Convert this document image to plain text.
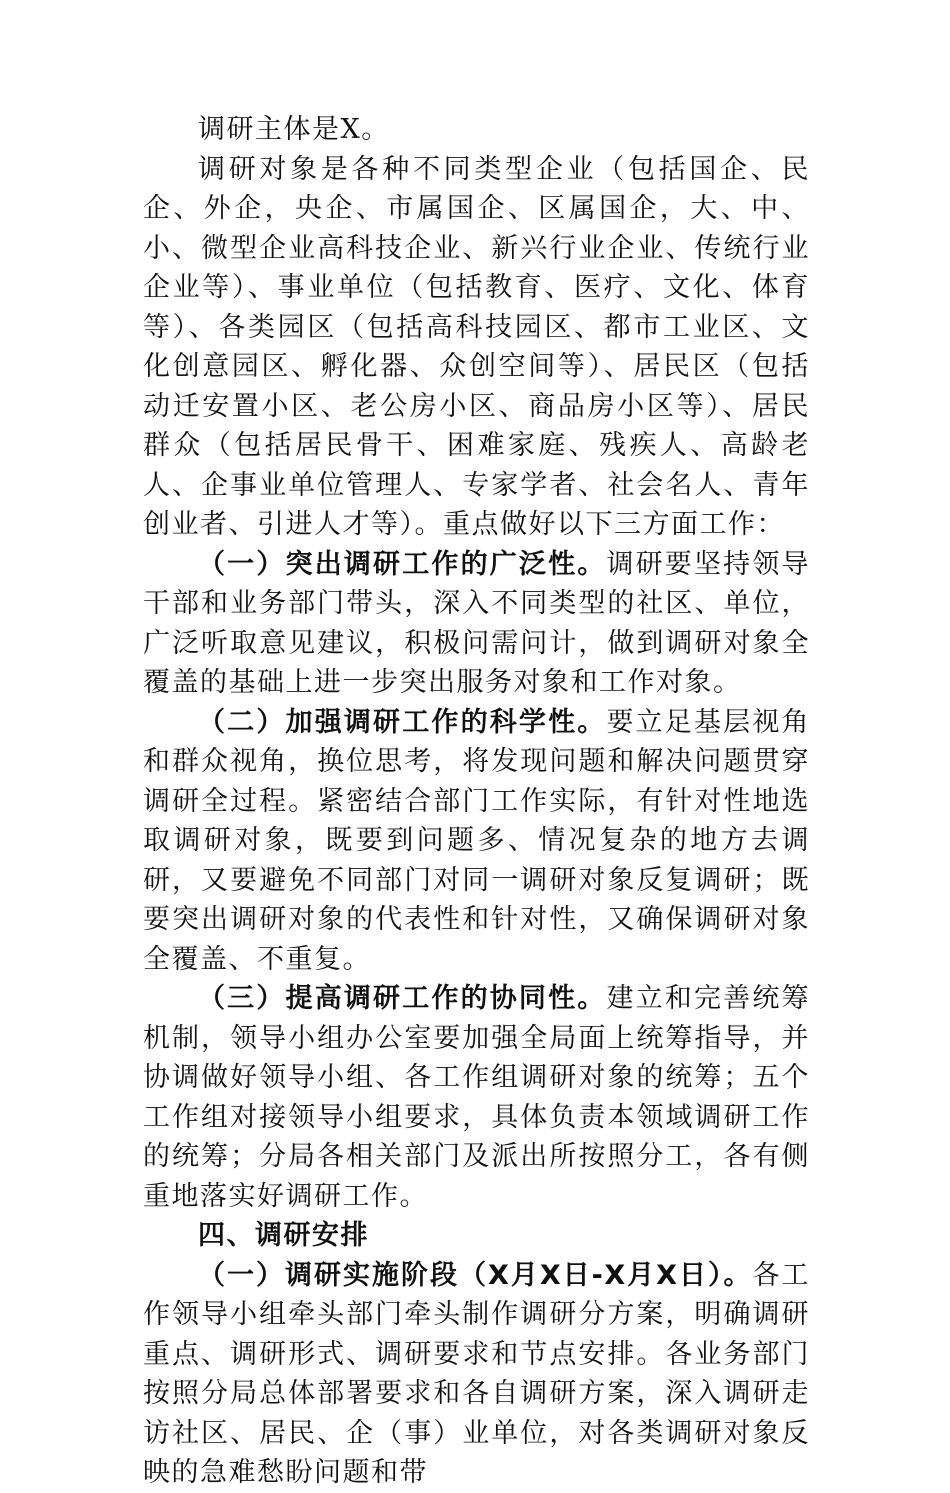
调研主体是X。

调研对象是各种不同类型企业（包括国企、民企、外企，央企、市属国企、区属国企，大、中、小、微型企业高科技企业、新兴行业企业、传统行业企业等）、事业单位（包括教育、医疗、文化、体育等）、各类园区（包括高科技园区、都市工业区、文化创意园区、孵化器、众创空间等）、居民区（包括动迁安置小区、老公房小区、商品房小区等）、居民群众（包括居民骨干、困难家庭、残疾人、高龄老人、企事业单位管理人、专家学者、社会名人、青年创业者、引进人才等）。重点做好以下三方面工作：

（一）突出调研工作的广泛性。调研要坚持领导干部和业务部门带头，深入不同类型的社区、单位，广泛听取意见建议，积极问需问计，做到调研对象全覆盖的基础上进一步突出服务对象和工作对象。

（二）加强调研工作的科学性。要立足基层视角和群众视角，换位思考，将发现问题和解决问题贯穿调研全过程。紧密结合部门工作实际，有针对性地选取调研对象，既要到问题多、情况复杂的地方去调研，又要避免不同部门对同一调研对象反复调研；既要突出调研对象的代表性和针对性，又确保调研对象全覆盖、不重复。

（三）提高调研工作的协同性。建立和完善统筹机制，领导小组办公室要加强全局面上统筹指导，并协调做好领导小组、各工作组调研对象的统筹；五个工作组对接领导小组要求，具体负责本领域调研工作的统筹；分局各相关部门及派出所按照分工，各有侧重地落实好调研工作。

四、调研安排

（一）调研实施阶段（X月X日-X月X日）。各工作领导小组牵头部门牵头制作调研分方案，明确调研重点、调研形式、调研要求和节点安排。各业务部门按照分局总体部署要求和各自调研方案，深入调研走访社区、居民、企（事）业单位，对各类调研对象反映的急难愁盼问题和带
